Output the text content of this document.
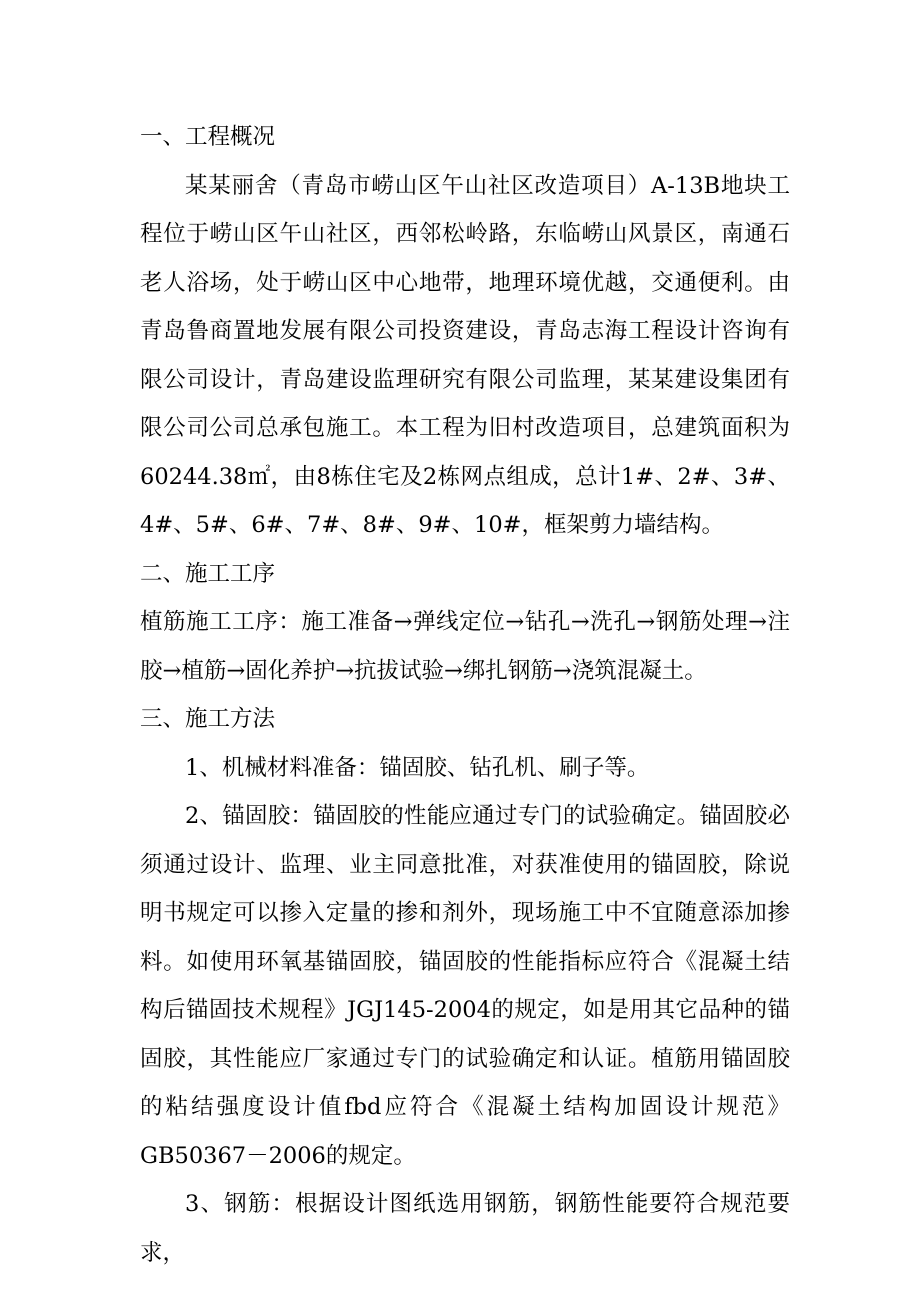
一、工程概况

某某丽舍（青岛市崂山区午山社区改造项目）A-13B地块工程位于崂山区午山社区，西邻松岭路，东临崂山风景区，南通石老人浴场，处于崂山区中心地带，地理环境优越，交通便利。由青岛鲁商置地发展有限公司投资建设，青岛志海工程设计咨询有限公司设计，青岛建设监理研究有限公司监理，某某建设集团有限公司公司总承包施工。本工程为旧村改造项目，总建筑面积为60244.38㎡，由8栋住宅及2栋网点组成，总计1#、2#、3#、4#、5#、6#、7#、8#、9#、10#，框架剪力墙结构。

二、施工工序

植筋施工工序：施工准备→弹线定位→钻孔→洗孔→钢筋处理→注胶→植筋→固化养护→抗拔试验→绑扎钢筋→浇筑混凝土。

三、施工方法

1、机械材料准备：锚固胶、钻孔机、刷子等。

2、锚固胶：锚固胶的性能应通过专门的试验确定。锚固胶必须通过设计、监理、业主同意批准，对获准使用的锚固胶，除说明书规定可以掺入定量的掺和剂外，现场施工中不宜随意添加掺料。如使用环氧基锚固胶，锚固胶的性能指标应符合《混凝土结构后锚固技术规程》JGJ145-2004的规定，如是用其它品种的锚固胶，其性能应厂家通过专门的试验确定和认证。植筋用锚固胶的粘结强度设计值fbd应符合《混凝土结构加固设计规范》GB50367－2006的规定。

3、钢筋：根据设计图纸选用钢筋，钢筋性能要符合规范要求，
